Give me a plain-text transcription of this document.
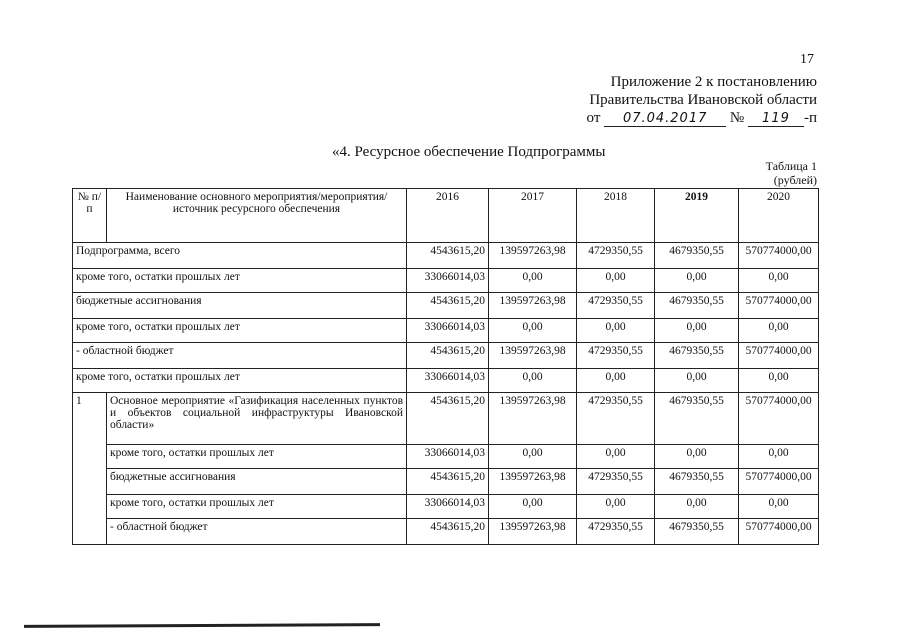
17
Приложение 2 к постановлению
Правительства Ивановской области
от 07.04.2017 № 119 -п
«4. Ресурсное обеспечение Подпрограммы
Таблица 1
(рублей)
№ п/п	Наименование основного мероприятия/мероприятия/источник ресурсного обеспечения	2016	2017	2018	2019	2020
Подпрограмма, всего		4543615,20	139597263,98	4729350,55	4679350,55	570774000,00
кроме того, остатки прошлых лет		33066014,03	0,00	0,00	0,00	0,00
бюджетные ассигнования		4543615,20	139597263,98	4729350,55	4679350,55	570774000,00
кроме того, остатки прошлых лет		33066014,03	0,00	0,00	0,00	0,00
- областной бюджет		4543615,20	139597263,98	4729350,55	4679350,55	570774000,00
кроме того, остатки прошлых лет		33066014,03	0,00	0,00	0,00	0,00
1	Основное мероприятие «Газификация населенных пунктов и объектов социальной инфраструктуры Ивановской области»	4543615,20	139597263,98	4729350,55	4679350,55	570774000,00
	кроме того, остатки прошлых лет	33066014,03	0,00	0,00	0,00	0,00
	бюджетные ассигнования	4543615,20	139597263,98	4729350,55	4679350,55	570774000,00
	кроме того, остатки прошлых лет	33066014,03	0,00	0,00	0,00	0,00
	- областной бюджет	4543615,20	139597263,98	4729350,55	4679350,55	570774000,00
